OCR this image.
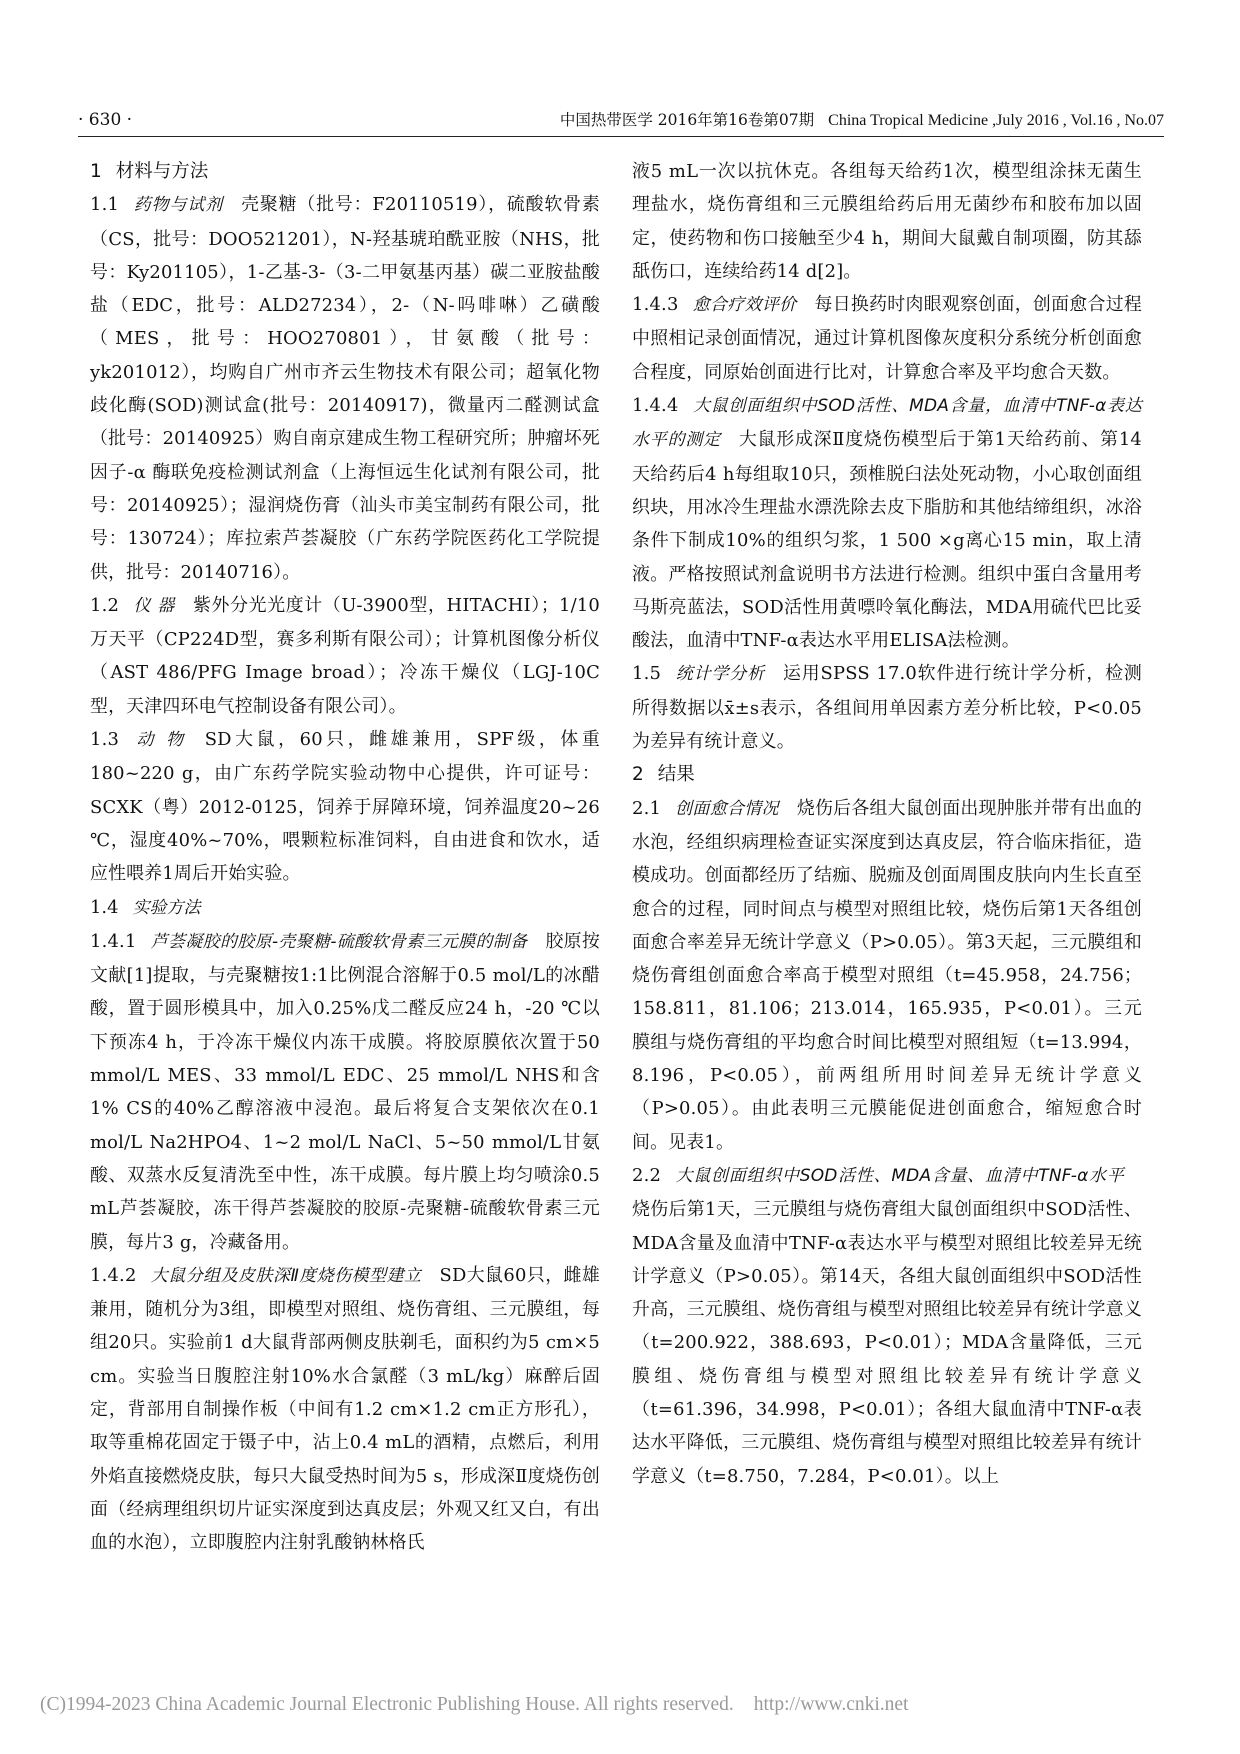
· 630 ·	中国热带医学 2016年第16卷第07期 China Tropical Medicine ,July 2016 , Vol.16 , No.07

1 材料与方法

1.1 药物与试剂 壳聚糖（批号：F20110519），硫酸软骨素（CS，批号：DOO521201），N-羟基琥珀酰亚胺（NHS，批号：Ky201105），1-乙基-3-（3-二甲氨基丙基）碳二亚胺盐酸盐（EDC，批号：ALD27234），2-（N-吗啡啉）乙磺酸（MES，批号：HOO270801），甘氨酸（批号：yk201012），均购自广州市齐云生物技术有限公司；超氧化物歧化酶(SOD)测试盒(批号：20140917)，微量丙二醛测试盒（批号：20140925）购自南京建成生物工程研究所；肿瘤坏死因子-α 酶联免疫检测试剂盒（上海恒远生化试剂有限公司，批号：20140925）；湿润烧伤膏（汕头市美宝制药有限公司，批号：130724）；库拉索芦荟凝胶（广东药学院医药化工学院提供，批号：20140716）。

1.2 仪 器 紫外分光光度计（U-3900型，HITACHI）；1/10万天平（CP224D型，赛多利斯有限公司）；计算机图像分析仪（AST 486/PFG Image broad）；冷冻干燥仪（LGJ-10C型，天津四环电气控制设备有限公司）。

1.3 动 物 SD大鼠，60只，雌雄兼用，SPF级，体重180~220 g，由广东药学院实验动物中心提供，许可证号：SCXK（粤）2012-0125，饲养于屏障环境，饲养温度20~26 ℃，湿度40%~70%，喂颗粒标准饲料，自由进食和饮水，适应性喂养1周后开始实验。

1.4 实验方法

1.4.1 芦荟凝胶的胶原-壳聚糖-硫酸软骨素三元膜的制备 胶原按文献[1]提取，与壳聚糖按1:1比例混合溶解于0.5 mol/L的冰醋酸，置于圆形模具中，加入0.25%戊二醛反应24 h，-20 ℃以下预冻4 h，于冷冻干燥仪内冻干成膜。将胶原膜依次置于50 mmol/L MES、33 mmol/L EDC、25 mmol/L NHS和含1% CS的40%乙醇溶液中浸泡。最后将复合支架依次在0.1 mol/L Na2HPO4、1~2 mol/L NaCl、5~50 mmol/L甘氨酸、双蒸水反复清洗至中性，冻干成膜。每片膜上均匀喷涂0.5 mL芦荟凝胶，冻干得芦荟凝胶的胶原-壳聚糖-硫酸软骨素三元膜，每片3 g，冷藏备用。

1.4.2 大鼠分组及皮肤深Ⅱ度烧伤模型建立 SD大鼠60只，雌雄兼用，随机分为3组，即模型对照组、烧伤膏组、三元膜组，每组20只。实验前1 d大鼠背部两侧皮肤剃毛，面积约为5 cm×5 cm。实验当日腹腔注射10%水合氯醛（3 mL/kg）麻醉后固定，背部用自制操作板（中间有1.2 cm×1.2 cm正方形孔），取等重棉花固定于镊子中，沾上0.4 mL的酒精，点燃后，利用外焰直接燃烧皮肤，每只大鼠受热时间为5 s，形成深Ⅱ度烧伤创面（经病理组织切片证实深度到达真皮层；外观又红又白，有出血的水泡），立即腹腔内注射乳酸钠林格氏

液5 mL一次以抗休克。各组每天给药1次，模型组涂抹无菌生理盐水，烧伤膏组和三元膜组给药后用无菌纱布和胶布加以固定，使药物和伤口接触至少4 h，期间大鼠戴自制项圈，防其舔舐伤口，连续给药14 d[2]。

1.4.3 愈合疗效评价 每日换药时肉眼观察创面，创面愈合过程中照相记录创面情况，通过计算机图像灰度积分系统分析创面愈合程度，同原始创面进行比对，计算愈合率及平均愈合天数。

1.4.4 大鼠创面组织中SOD活性、MDA含量，血清中TNF-α表达水平的测定 大鼠形成深Ⅱ度烧伤模型后于第1天给药前、第14天给药后4 h每组取10只，颈椎脱臼法处死动物，小心取创面组织块，用冰冷生理盐水漂洗除去皮下脂肪和其他结缔组织，冰浴条件下制成10%的组织匀浆，1 500 ×g离心15 min，取上清液。严格按照试剂盒说明书方法进行检测。组织中蛋白含量用考马斯亮蓝法，SOD活性用黄嘌呤氧化酶法，MDA用硫代巴比妥酸法，血清中TNF-α表达水平用ELISA法检测。

1.5 统计学分析 运用SPSS 17.0软件进行统计学分析，检测所得数据以x̄±s表示，各组间用单因素方差分析比较，P<0.05为差异有统计意义。

2 结果

2.1 创面愈合情况 烧伤后各组大鼠创面出现肿胀并带有出血的水泡，经组织病理检查证实深度到达真皮层，符合临床指征，造模成功。创面都经历了结痂、脱痂及创面周围皮肤向内生长直至愈合的过程，同时间点与模型对照组比较，烧伤后第1天各组创面愈合率差异无统计学意义（P>0.05）。第3天起，三元膜组和烧伤膏组创面愈合率高于模型对照组（t=45.958，24.756；158.811，81.106；213.014，165.935，P<0.01）。三元膜组与烧伤膏组的平均愈合时间比模型对照组短（t=13.994，8.196，P<0.05），前两组所用时间差异无统计学意义（P>0.05）。由此表明三元膜能促进创面愈合，缩短愈合时间。见表1。

2.2 大鼠创面组织中SOD活性、MDA含量、血清中TNF-α水平烧伤后第1天，三元膜组与烧伤膏组大鼠创面组织中SOD活性、MDA含量及血清中TNF-α表达水平与模型对照组比较差异无统计学意义（P>0.05）。第14天，各组大鼠创面组织中SOD活性升高，三元膜组、烧伤膏组与模型对照组比较差异有统计学意义（t=200.922，388.693，P<0.01）；MDA含量降低，三元膜组、烧伤膏组与模型对照组比较差异有统计学意义（t=61.396，34.998，P<0.01）；各组大鼠血清中TNF-α表达水平降低，三元膜组、烧伤膏组与模型对照组比较差异有统计学意义（t=8.750，7.284，P<0.01）。以上

(C)1994-2023 China Academic Journal Electronic Publishing House. All rights reserved. http://www.cnki.net
